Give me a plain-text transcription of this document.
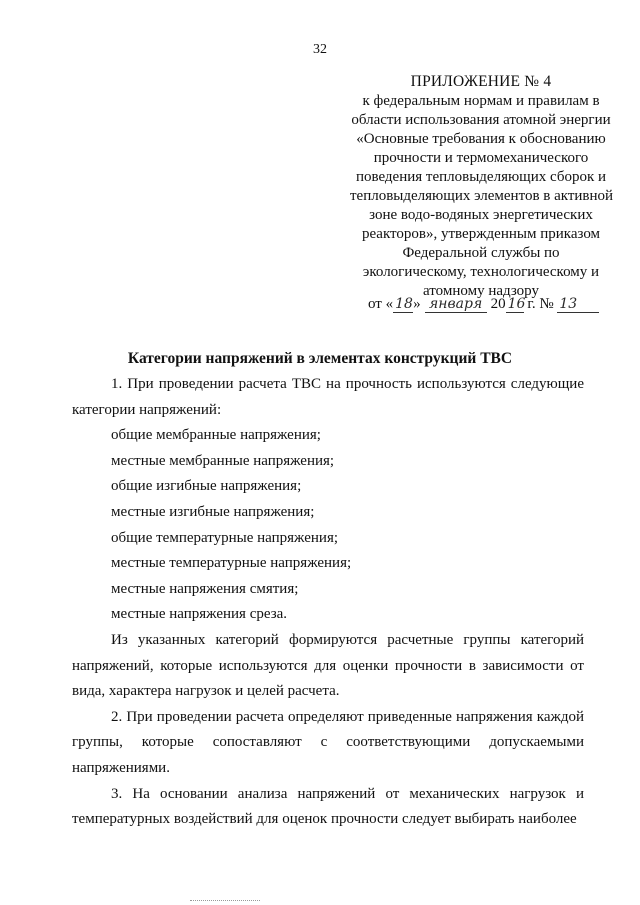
32
ПРИЛОЖЕНИЕ № 4
к федеральным нормам и правилам в
области использования атомной энергии
«Основные требования к обоснованию
прочности и термомеханического
поведения тепловыделяющих сборок и
тепловыделяющих элементов в активной
зоне водо-водяных энергетических
реакторов», утвержденным приказом
Федеральной службы по
экологическому, технологическому и
атомному надзору
от « 18» января 20 16 г. № 13
Категории напряжений в элементах конструкций ТВС

1. При проведении расчета ТВС на прочность используются следующие

категории напряжений:

общие мембранные напряжения;
местные мембранные напряжения;
общие изгибные напряжения;
местные изгибные напряжения;
общие температурные напряжения;
местные температурные напряжения;
местные напряжения смятия;
местные напряжения среза.

Из указанных категорий формируются расчетные группы категорий напряжений, которые используются для оценки прочности в зависимости от вида, характера нагрузок и целей расчета.

2. При проведении расчета определяют приведенные напряжения каждой группы, которые сопоставляют с соответствующими допускаемыми напряжениями.

3. На основании анализа напряжений от механических нагрузок и температурных воздействий для оценок прочности следует выбирать наиболее
